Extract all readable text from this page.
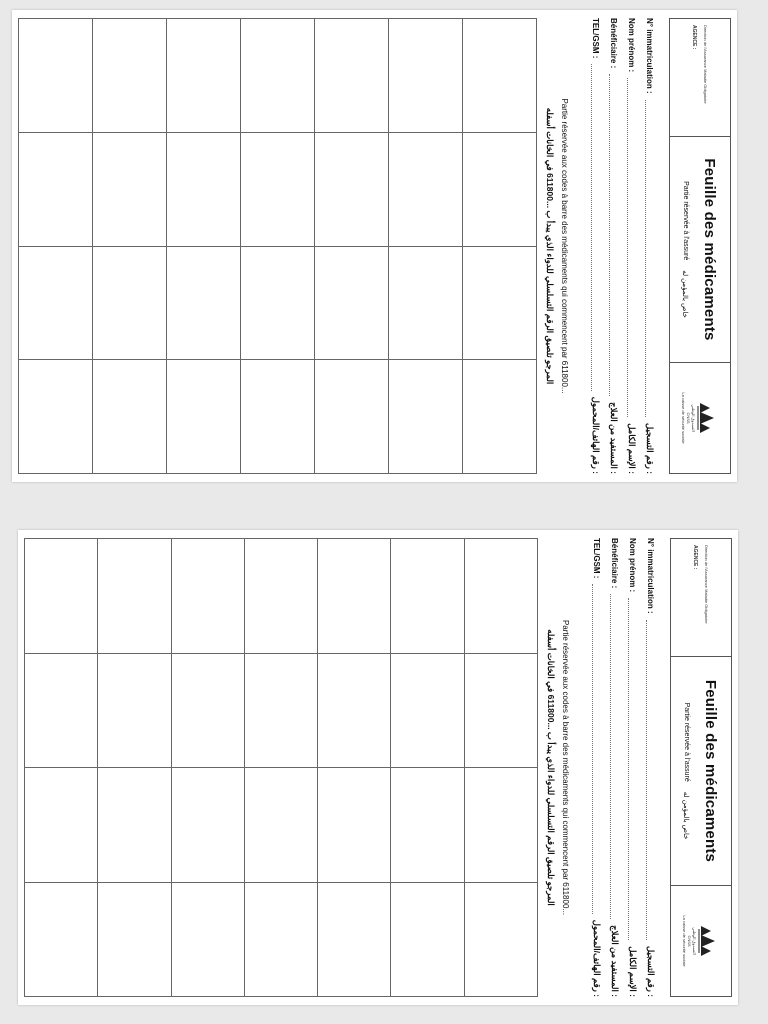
Direction de l'Assurance Maladie Obligatoire
AGENCE :
Feuille des médicaments
Partie réservée à l'assuré
خاص بالمؤمن له
الصندوق الوطني
CNSS
La caisse de sécurité sociale
N° immatriculation :
: رقم التسجيل
Nom prénom :
: الإسم الكامل
Bénéficiaire :
: المستفيد من العلاج
TEL/GSM :
: رقم الهاتف/المحمول
Partie réservée aux codes à barre des médicaments qui commencent par 611800...
المرجو تلصيق الرقم التسلسلي للدواء الذي يبدأ ب ...611800 في الخانات أسفله
Direction de l'Assurance Maladie Obligatoire
AGENCE :
Feuille des médicaments
Partie réservée à l'assuré
خاص بالمؤمن له
الصندوق الوطني
CNSS
La caisse de sécurité sociale
N° immatriculation :
: رقم التسجيل
Nom prénom :
: الإسم الكامل
Bénéficiaire :
: المستفيد من العلاج
TEL/GSM :
: رقم الهاتف/المحمول
Partie réservée aux codes à barre des médicaments qui commencent par 611800...
المرجو تلصيق الرقم التسلسلي للدواء الذي يبدأ ب ...611800 في الخانات أسفله
